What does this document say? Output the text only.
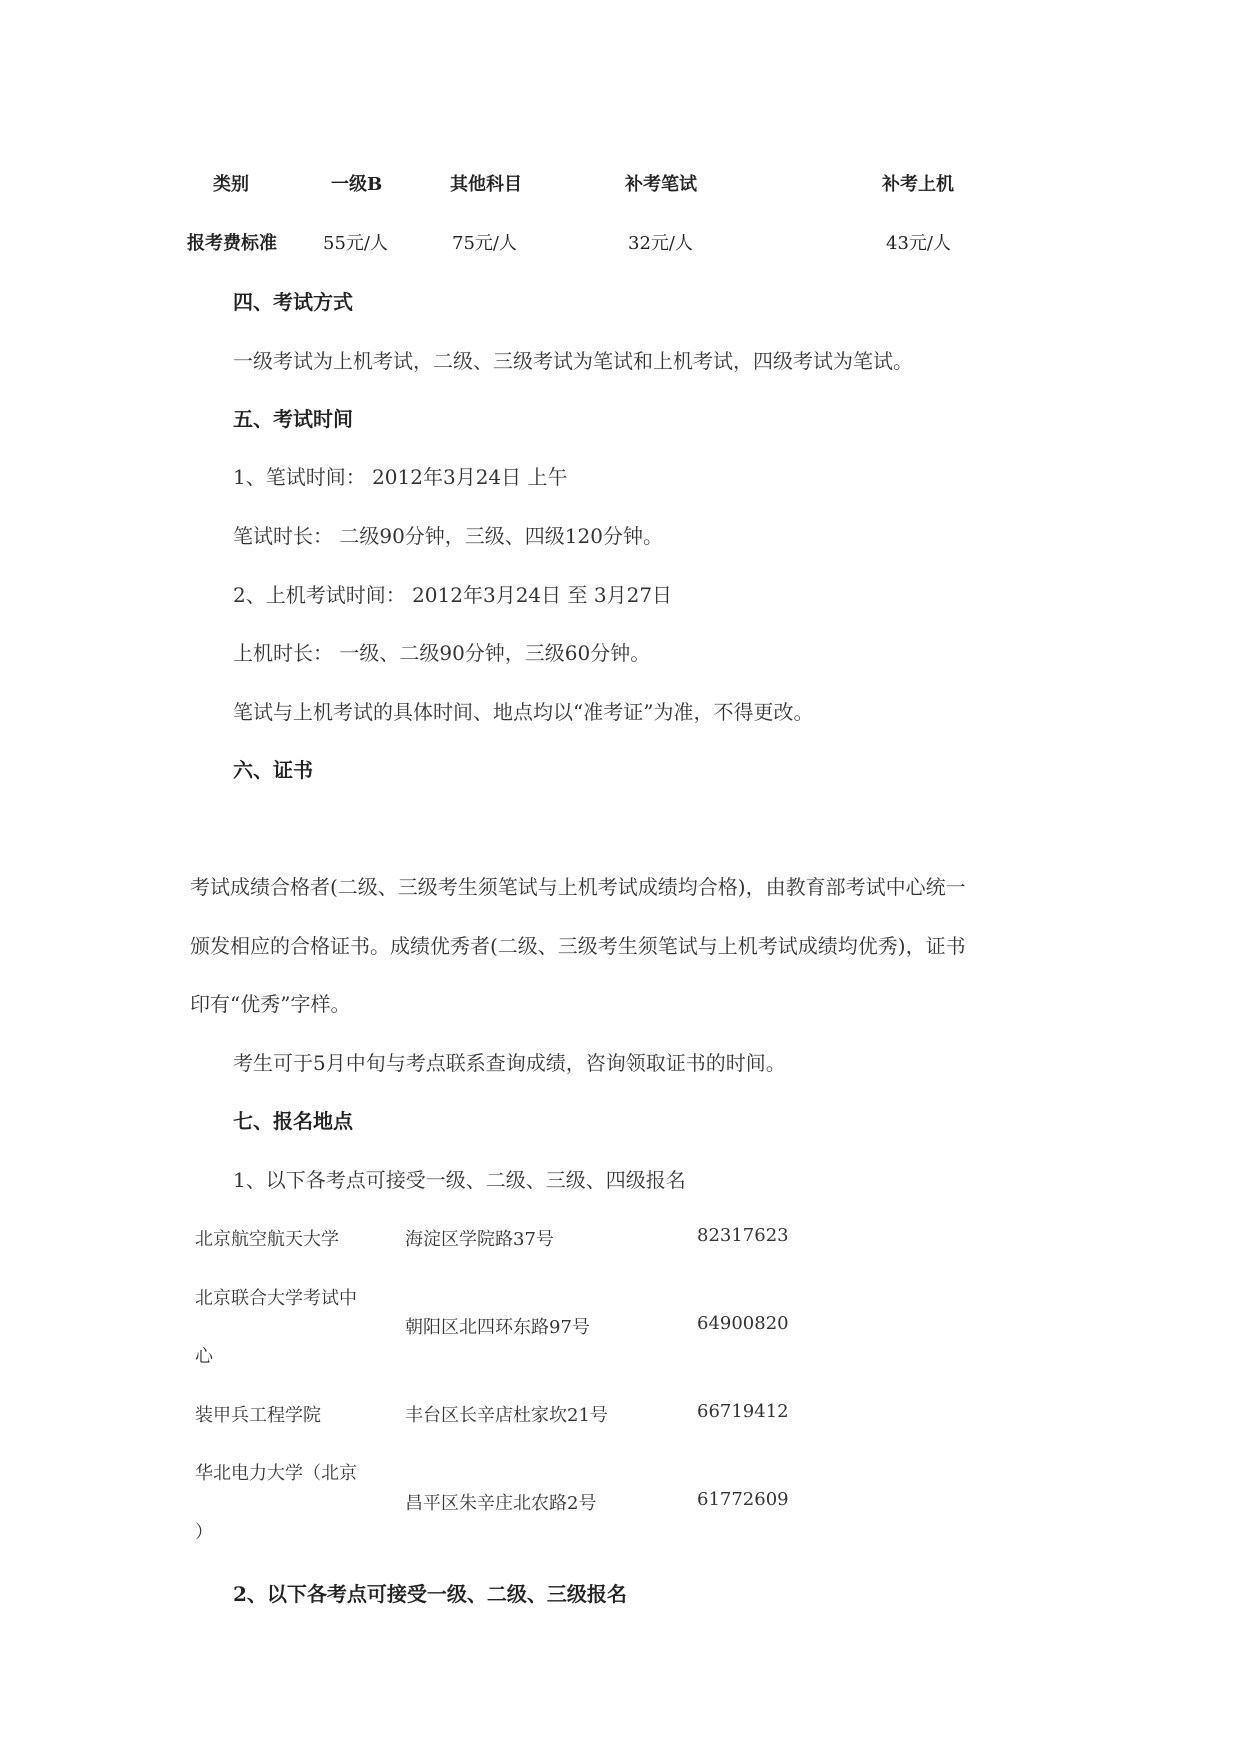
类别	一级B	其他科目	补考笔试	补考上机
报考费标准	55元/人	75元/人	32元/人	43元/人
四、考试方式
一级考试为上机考试，二级、三级考试为笔试和上机考试，四级考试为笔试。
五、考试时间
1、笔试时间： 2012年3月24日 上午
笔试时长： 二级90分钟，三级、四级120分钟。
2、上机考试时间： 2012年3月24日 至 3月27日
上机时长： 一级、二级90分钟，三级60分钟。
笔试与上机考试的具体时间、地点均以“准考证”为准，不得更改。
六、证书
考试成绩合格者(二级、三级考生须笔试与上机考试成绩均合格)，由教育部考试中心统一
颁发相应的合格证书。成绩优秀者(二级、三级考生须笔试与上机考试成绩均优秀)，证书
印有“优秀”字样。
考生可于5月中旬与考点联系查询成绩，咨询领取证书的时间。
七、报名地点
1、以下各考点可接受一级、二级、三级、四级报名
北京航空航天大学	海淀区学院路37号	82317623
北京联合大学考试中
心
朝阳区北四环东路97号	64900820
装甲兵工程学院	丰台区长辛店杜家坎21号	66719412
华北电力大学（北京
）
昌平区朱辛庄北农路2号	61772609
2、以下各考点可接受一级、二级、三级报名
